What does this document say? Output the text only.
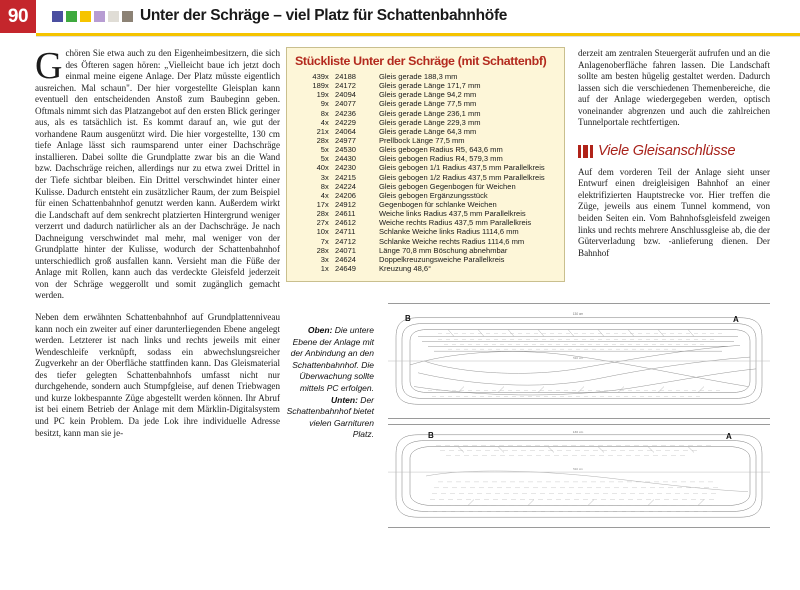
90	Unter der Schräge – viel Platz für Schattenbahnhöfe

Gchören Sie etwa auch zu den Eigenheimbesitzern, die sich des Öfteren sagen hören: „Vielleicht baue ich jetzt doch einmal meine eigene Anlage. Der Platz müsste eigentlich ausreichen. Mal schaun". Der hier vorgestellte Gleisplan kann eventuell den entscheidenden Anstoß zum Baubeginn geben. Oftmals nimmt sich das Platzangebot auf den ersten Blick geringer aus, als es tatsächlich ist. Es kommt darauf an, wie gut der vorhandene Raum ausgenützt wird. Die hier vorgestellte, 130 cm tiefe Anlage lässt sich raumsparend unter einer Dachschräge installieren. Dabei sollte die Grundplatte zwar bis an die Wand bzw. Dachschräge reichen, allerdings nur zu etwa zwei Drittel in der Tiefe sichtbar bleiben. Ein Drittel verschwindet hinter einer Kulisse. Dadurch entsteht ein zusätzlicher Raum, der zum Beispiel für einen Schattenbahnhof genutzt werden kann. Außerdem wirkt die Landschaft auf dem senkrecht platzierten Hintergrund weniger verzerrt und dadurch natürlicher als an der Dachschräge. Je nach Dachneigung verschwindet mal mehr, mal weniger von der Grundplatte hinter der Kulisse, wodurch der Schattenbahnhof unterschiedlich groß ausfallen kann. Versieht man die Füße der Anlage mit Rollen, kann auch das verdeckte Gleisfeld jederzeit von der Schräge weggerollt und somit zugänglich gemacht werden.

Neben dem erwähnten Schattenbahnhof auf Grundplattenniveau kann noch ein zweiter auf einer darunterliegenden Ebene angelegt werden. Letzterer ist nach links und rechts jeweils mit einer Wendeschleife verknüpft, sodass ein abwechslungsreicher Zugverkehr an der Oberfläche stattfinden kann. Das Gleismaterial des tiefer gelegten Schattenbahnhofs umfasst nicht nur durchgehende, sondern auch Stumpfgleise, auf denen Triebwagen und kurze lokbespannte Züge abgestellt werden können. Ihr Abruf ist bei einem Betrieb der Anlage mit dem Märklin-Digitalsystem und PC kein Problem. Da jede Lok ihre individuelle Adresse besitzt, kann man sie je-

Stückliste Unter der Schräge (mit Schattenbf)
439	x	24188	Gleis gerade 188,3 mm
189	x	24172	Gleis gerade Länge 171,7 mm
19	x	24094	Gleis gerade Länge 94,2 mm
9	x	24077	Gleis gerade Länge 77,5 mm
8	x	24236	Gleis gerade Länge 236,1 mm
4	x	24229	Gleis gerade Länge 229,3 mm
21	x	24064	Gleis gerade Länge 64,3 mm
28	x	24977	Prellbock Länge 77,5 mm
5	x	24530	Gleis gebogen Radius R5, 643,6 mm
5	x	24430	Gleis gebogen Radius R4, 579,3 mm
40	x	24230	Gleis gebogen 1/1 Radius 437,5 mm Parallelkreis
3	x	24215	Gleis gebogen 1/2 Radius 437,5 mm Parallelkreis
8	x	24224	Gleis gebogen Gegenbogen für Weichen
4	x	24206	Gleis gebogen Ergänzungsstück
17	x	24912	Gegenbogen für schlanke Weichen
28	x	24611	Weiche links Radius 437,5 mm Parallelkreis
27	x	24612	Weiche rechts Radius 437,5 mm Parallelkreis
10	x	24711	Schlanke Weiche links Radius 1114,6 mm
7	x	24712	Schlanke Weiche rechts Radius 1114,6 mm
28	x	24071	Länge 70,8 mm Böschung abnehmbar
3	x	24624	Doppelkreuzungsweiche Parallelkreis
1	x	24649	Kreuzung 48,6°
Oben: Die untere Ebene der Anlage mit der Anbindung an den Schattenbahnhof. Die Überwachung sollte mittels PC erfolgen. Unten: Der Schattenbahnhof bietet vielen Garnituren Platz.
130 cm
510 cm
B	A
130 cm
510 cm
B	A

derzeit am zentralen Steuergerät aufrufen und an die Anlagenoberfläche fahren lassen. Die Landschaft sollte am besten hügelig gestaltet werden. Dadurch lassen sich die verschiedenen Themenbereiche, die auf der Anlage wiedergegeben werden, optisch voneinander abgrenzen und auch die zahlreichen Tunnelportale rechtfertigen.

Viele Gleisanschlüsse

Auf dem vorderen Teil der Anlage sieht unser Entwurf einen dreigleisigen Bahnhof an einer elektrifizierten Hauptstrecke vor. Hier treffen die Züge, jeweils aus einem Tunnel kommend, von beiden Seiten ein. Vom Bahnhofsgleisfeld zweigen links und rechts mehrere Anschlussgleise ab, die der Güterverladung bzw. -anlieferung dienen. Der Bahnhof
